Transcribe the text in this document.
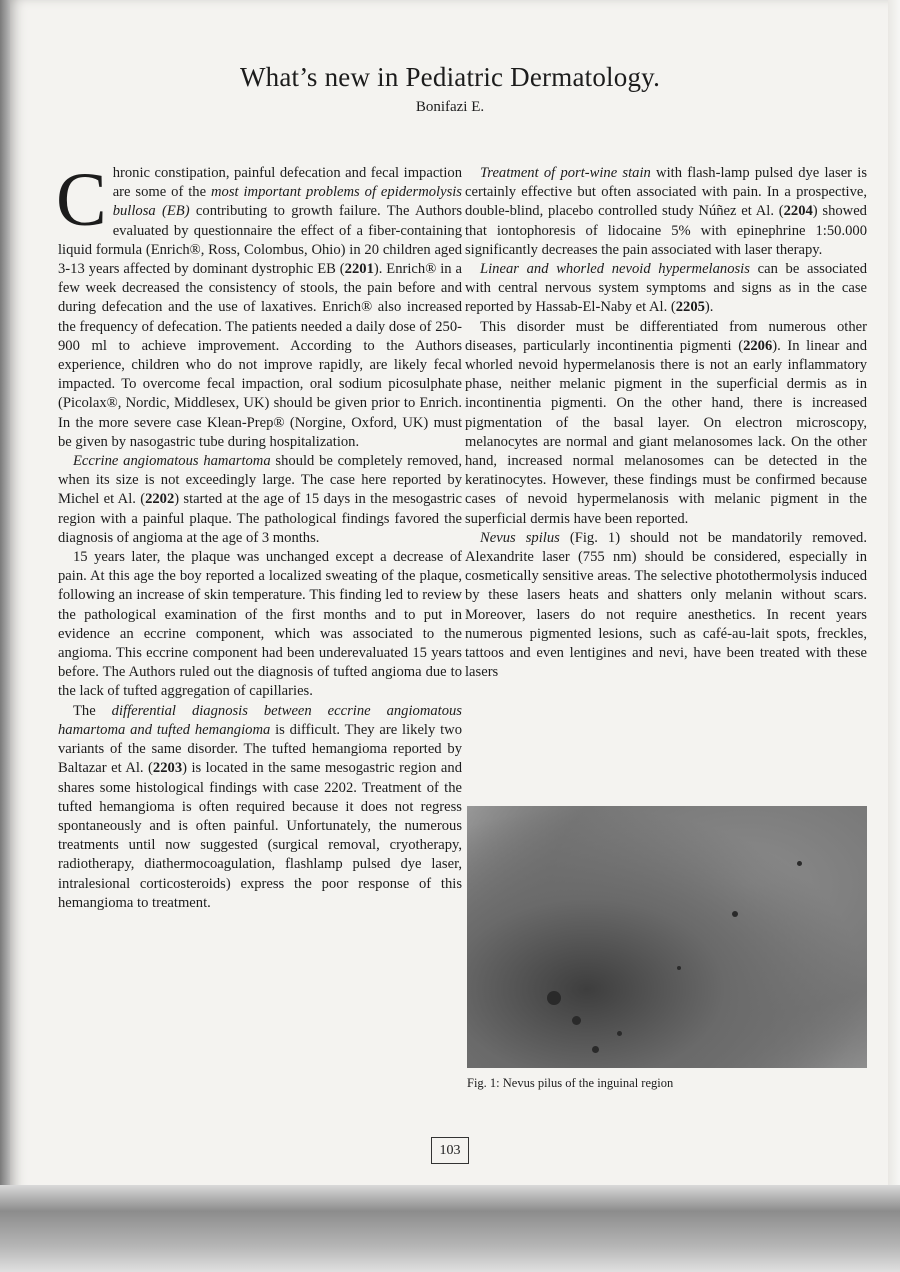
What’s new in Pediatric Dermatology.
Bonifazi E.

Chronic constipation, painful defecation and fecal impaction are some of the most important problems of epidermolysis bullosa (EB) contributing to growth failure. The Authors evaluated by questionnaire the effect of a fiber-containing liquid formula (Enrich®, Ross, Colombus, Ohio) in 20 children aged 3-13 years affected by dominant dystrophic EB (2201). Enrich® in a few week decreased the consistency of stools, the pain before and during defecation and the use of laxatives. Enrich® also increased the frequency of defecation. The patients needed a daily dose of 250-900 ml to achieve improvement. According to the Authors experience, children who do not improve rapidly, are likely fecal impacted. To overcome fecal impaction, oral sodium picosulphate (Picolax®, Nordic, Middlesex, UK) should be given prior to Enrich. In the more severe case Klean-Prep® (Norgine, Oxford, UK) must be given by nasogastric tube during hospitalization.

Eccrine angiomatous hamartoma should be completely removed, when its size is not exceedingly large. The case here reported by Michel et Al. (2202) started at the age of 15 days in the mesogastric region with a painful plaque. The pathological findings favored the diagnosis of angioma at the age of 3 months.

15 years later, the plaque was unchanged except a decrease of pain. At this age the boy reported a localized sweating of the plaque, following an increase of skin temperature. This finding led to review the pathological examination of the first months and to put in evidence an eccrine component, which was associated to the angioma. This eccrine component had been underevaluated 15 years before. The Authors ruled out the diagnosis of tufted angioma due to the lack of tufted aggregation of capillaries.

The differential diagnosis between eccrine angiomatous hamartoma and tufted hemangioma is difficult. They are likely two variants of the same disorder. The tufted hemangioma reported by Baltazar et Al. (2203) is located in the same mesogastric region and shares some histological findings with case 2202. Treatment of the tufted hemangioma is often required because it does not regress spontaneously and is often painful. Unfortunately, the numerous treatments until now suggested (surgical removal, cryotherapy, radiotherapy, diathermocoagulation, flashlamp pulsed dye laser, intralesional corticosteroids) express the poor response of this hemangioma to treatment.

Treatment of port-wine stain with flash-lamp pulsed dye laser is certainly effective but often associated with pain. In a prospective, double-blind, placebo controlled study Núñez et Al. (2204) showed that iontophoresis of lidocaine 5% with epinephrine 1:50.000 significantly decreases the pain associated with laser therapy.

Linear and whorled nevoid hypermelanosis can be associated with central nervous system symptoms and signs as in the case reported by Hassab-El-Naby et Al. (2205).

This disorder must be differentiated from numerous other diseases, particularly incontinentia pigmenti (2206). In linear and whorled nevoid hypermelanosis there is not an early inflammatory phase, neither melanic pigment in the superficial dermis as in incontinentia pigmenti. On the other hand, there is increased pigmentation of the basal layer. On electron microscopy, melanocytes are normal and giant melanosomes lack. On the other hand, increased normal melanosomes can be detected in the keratinocytes. However, these findings must be confirmed because cases of nevoid hypermelanosis with melanic pigment in the superficial dermis have been reported.

Nevus spilus (Fig. 1) should not be mandatorily removed. Alexandrite laser (755 nm) should be considered, especially in cosmetically sensitive areas. The selective photothermolysis induced by these lasers heats and shatters only melanin without scars. Moreover, lasers do not require anesthetics. In recent years numerous pigmented lesions, such as café-au-lait spots, freckles, tattoos and even lentigines and nevi, have been treated with these lasers

Fig. 1: Nevus pilus of the inguinal region
103
